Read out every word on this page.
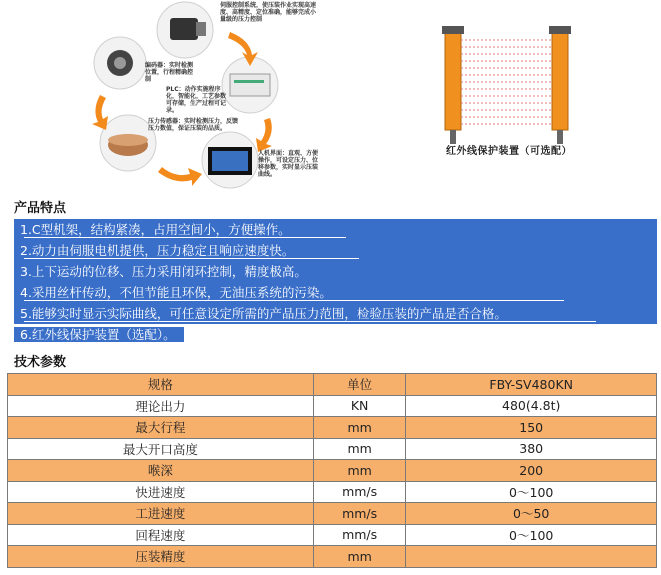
伺服控制系统，使压装作业实现高速度、高精度、定位准确，能够完成小量级的压力控制
编码器：实时检测位置，行程精确控制
PLC：动作实施程序化，智能化，工艺参数可存储，生产过程可记录。
压力传感器：实时检测压力，反馈压力数值，保证压装的品质。
人机界面：直观、方便操作，可设定压力、位移参数，实时显示压装曲线。
红外线保护装置（可选配）
产品特点
1.C型机架，结构紧凑，占用空间小，方便操作。
2.动力由伺服电机提供，压力稳定且响应速度快。
3.上下运动的位移、压力采用闭环控制，精度极高。
4.采用丝杆传动，不但节能且环保，无油压系统的污染。
5.能够实时显示实际曲线，可任意设定所需的产品压力范围，检验压装的产品是否合格。
6.红外线保护装置（选配）。
技术参数
规格	单位	FBY-SV480KN
理论出力	KN	480(4.8t)
最大行程	mm	150
最大开口高度	mm	380
喉深	mm	200
快进速度	mm/s	0～100
工进速度	mm/s	0～50
回程速度	mm/s	0～100
压装精度	mm	
